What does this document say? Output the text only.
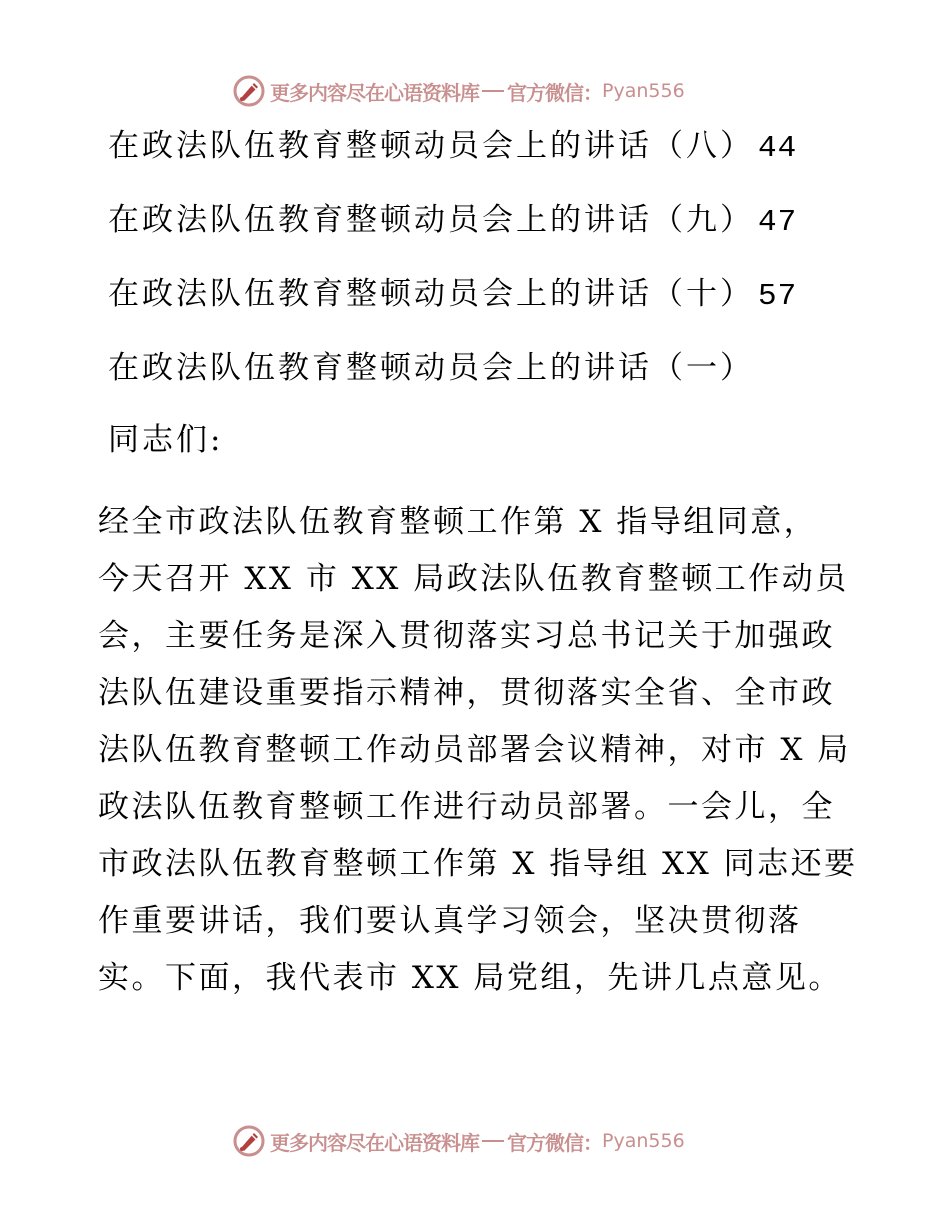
更多内容尽在心语资料库 官方微信： Pyan556
在政法队伍教育整顿动员会上的讲话（八） 44
在政法队伍教育整顿动员会上的讲话（九） 47
在政法队伍教育整顿动员会上的讲话（十） 57
在政法队伍教育整顿动员会上的讲话（一）
同志们:
经全市政法队伍教育整顿工作第 X 指导组同意，
今天召开 XX 市 XX 局政法队伍教育整顿工作动员
会，主要任务是深入贯彻落实习总书记关于加强政
法队伍建设重要指示精神，贯彻落实全省、全市政
法队伍教育整顿工作动员部署会议精神，对市 X 局
政法队伍教育整顿工作进行动员部署。一会儿，全
市政法队伍教育整顿工作第 X 指导组 XX 同志还要
作重要讲话，我们要认真学习领会，坚决贯彻落
实。下面，我代表市 XX 局党组，先讲几点意见。
更多内容尽在心语资料库 官方微信： Pyan556
